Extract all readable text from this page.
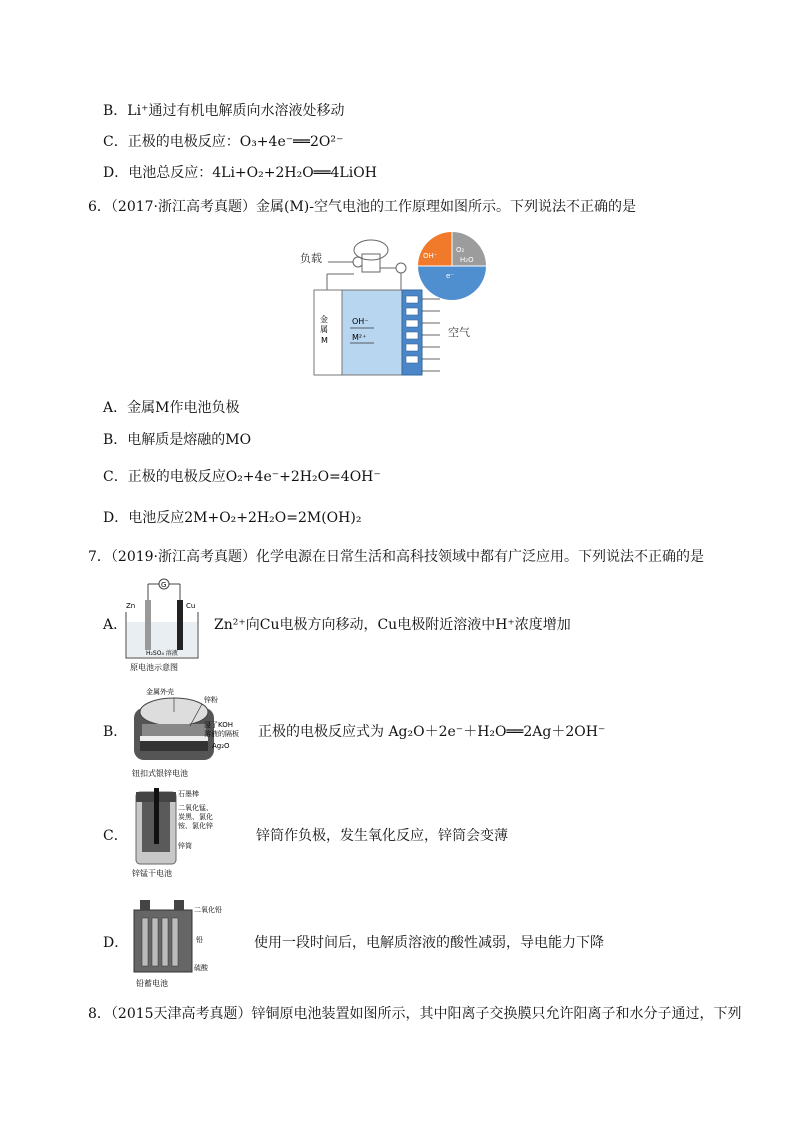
B．Li⁺通过有机电解质向水溶液处移动
C．正极的电极反应：O₃+4e⁻══2O²⁻
D．电池总反应：4Li+O₂+2H₂O══4LiOH
6．（2017·浙江高考真题）金属(M)-空气电池的工作原理如图所示。下列说法不正确的是
负载
金
属
M
OH⁻
M²⁺	空气
O₂
H₂O
OH⁻
e⁻
A．金属M作电池负极
B．电解质是熔融的MO
C．正极的电极反应O₂+4e⁻+2H₂O=4OH⁻
D．电池反应2M+O₂+2H₂O=2M(OH)₂
7．（2019·浙江高考真题）化学电源在日常生活和高科技领域中都有广泛应用。下列说法不正确的是
A．
G
Zn	Cu
H₂SO₄ 溶液
原电池示意图
Zn²⁺向Cu电极方向移动，Cu电极附近溶液中H⁺浓度增加
B．
金属外壳
锌粉
浸了KOH
溶液的隔板
Ag₂O
钮扣式银锌电池
正极的电极反应式为 Ag₂O＋2e⁻＋H₂O══2Ag＋2OH⁻
C．
石墨棒
二氧化锰、
炭黑、氯化
铵、氯化锌
锌筒
锌锰干电池
锌筒作负极，发生氧化反应，锌筒会变薄
D．
二氧化铅
铅
硫酸
铅蓄电池
使用一段时间后，电解质溶液的酸性减弱，导电能力下降
8．（2015天津高考真题）锌铜原电池装置如图所示，其中阳离子交换膜只允许阳离子和水分子通过，下列
